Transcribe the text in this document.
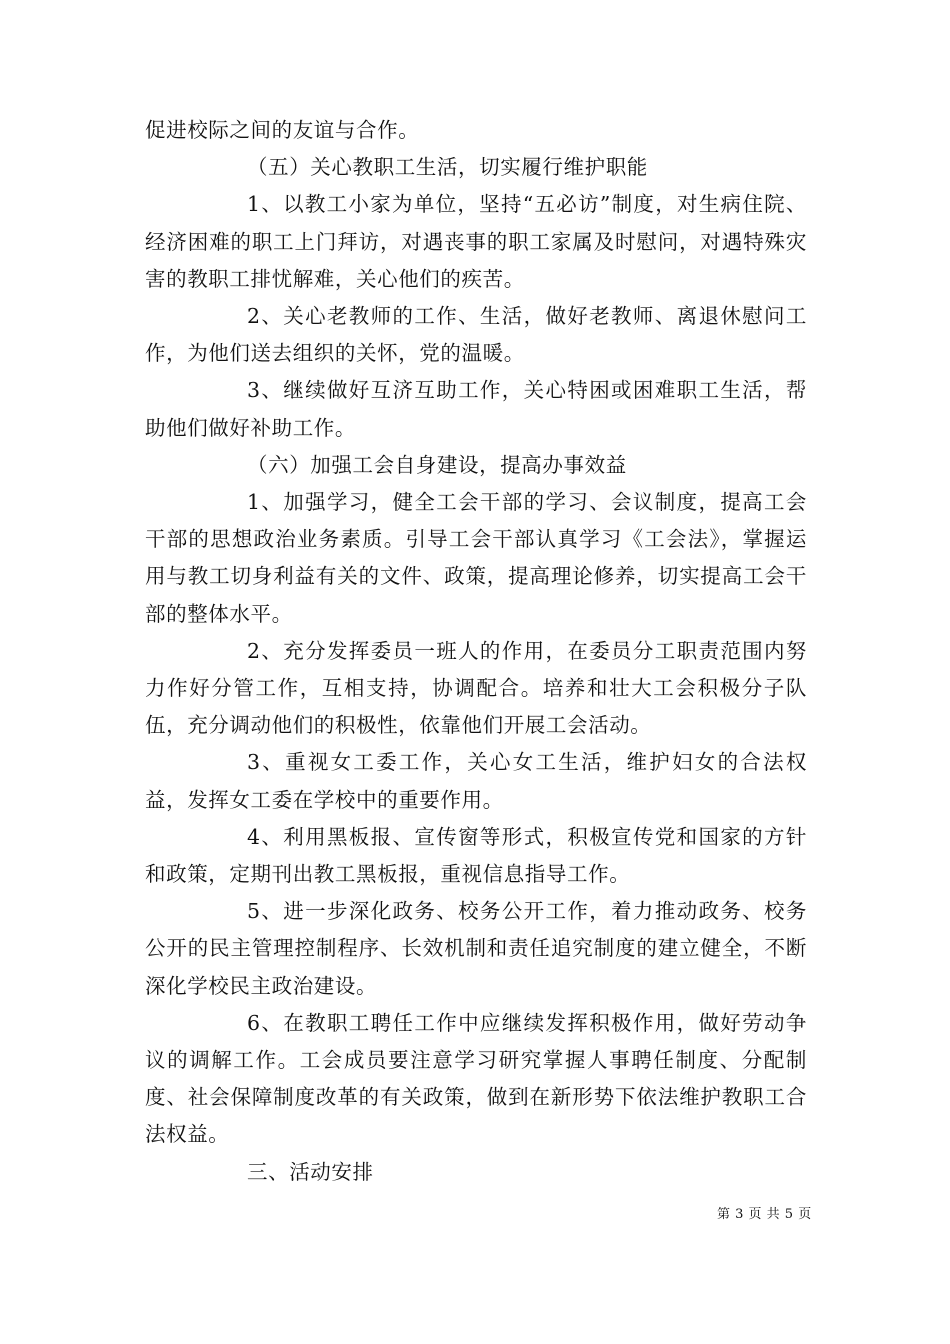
促进校际之间的友谊与合作。

（五）关心教职工生活，切实履行维护职能

1、以教工小家为单位，坚持“五必访”制度，对生病住院、经济困难的职工上门拜访，对遇丧事的职工家属及时慰问，对遇特殊灾害的教职工排忧解难，关心他们的疾苦。

2、关心老教师的工作、生活，做好老教师、离退休慰问工作，为他们送去组织的关怀，党的温暖。

3、继续做好互济互助工作，关心特困或困难职工生活，帮助他们做好补助工作。

（六）加强工会自身建设，提高办事效益

1、加强学习，健全工会干部的学习、会议制度，提高工会干部的思想政治业务素质。引导工会干部认真学习《工会法》，掌握运用与教工切身利益有关的文件、政策，提高理论修养，切实提高工会干部的整体水平。

2、充分发挥委员一班人的作用，在委员分工职责范围内努力作好分管工作，互相支持，协调配合。培养和壮大工会积极分子队伍，充分调动他们的积极性，依靠他们开展工会活动。

3、重视女工委工作，关心女工生活，维护妇女的合法权益，发挥女工委在学校中的重要作用。

4、利用黑板报、宣传窗等形式，积极宣传党和国家的方针和政策，定期刊出教工黑板报，重视信息指导工作。

5、进一步深化政务、校务公开工作，着力推动政务、校务公开的民主管理控制程序、长效机制和责任追究制度的建立健全，不断深化学校民主政治建设。

6、在教职工聘任工作中应继续发挥积极作用，做好劳动争议的调解工作。工会成员要注意学习研究掌握人事聘任制度、分配制度、社会保障制度改革的有关政策，做到在新形势下依法维护教职工合法权益。

三、活动安排

第 3 页 共 5 页
